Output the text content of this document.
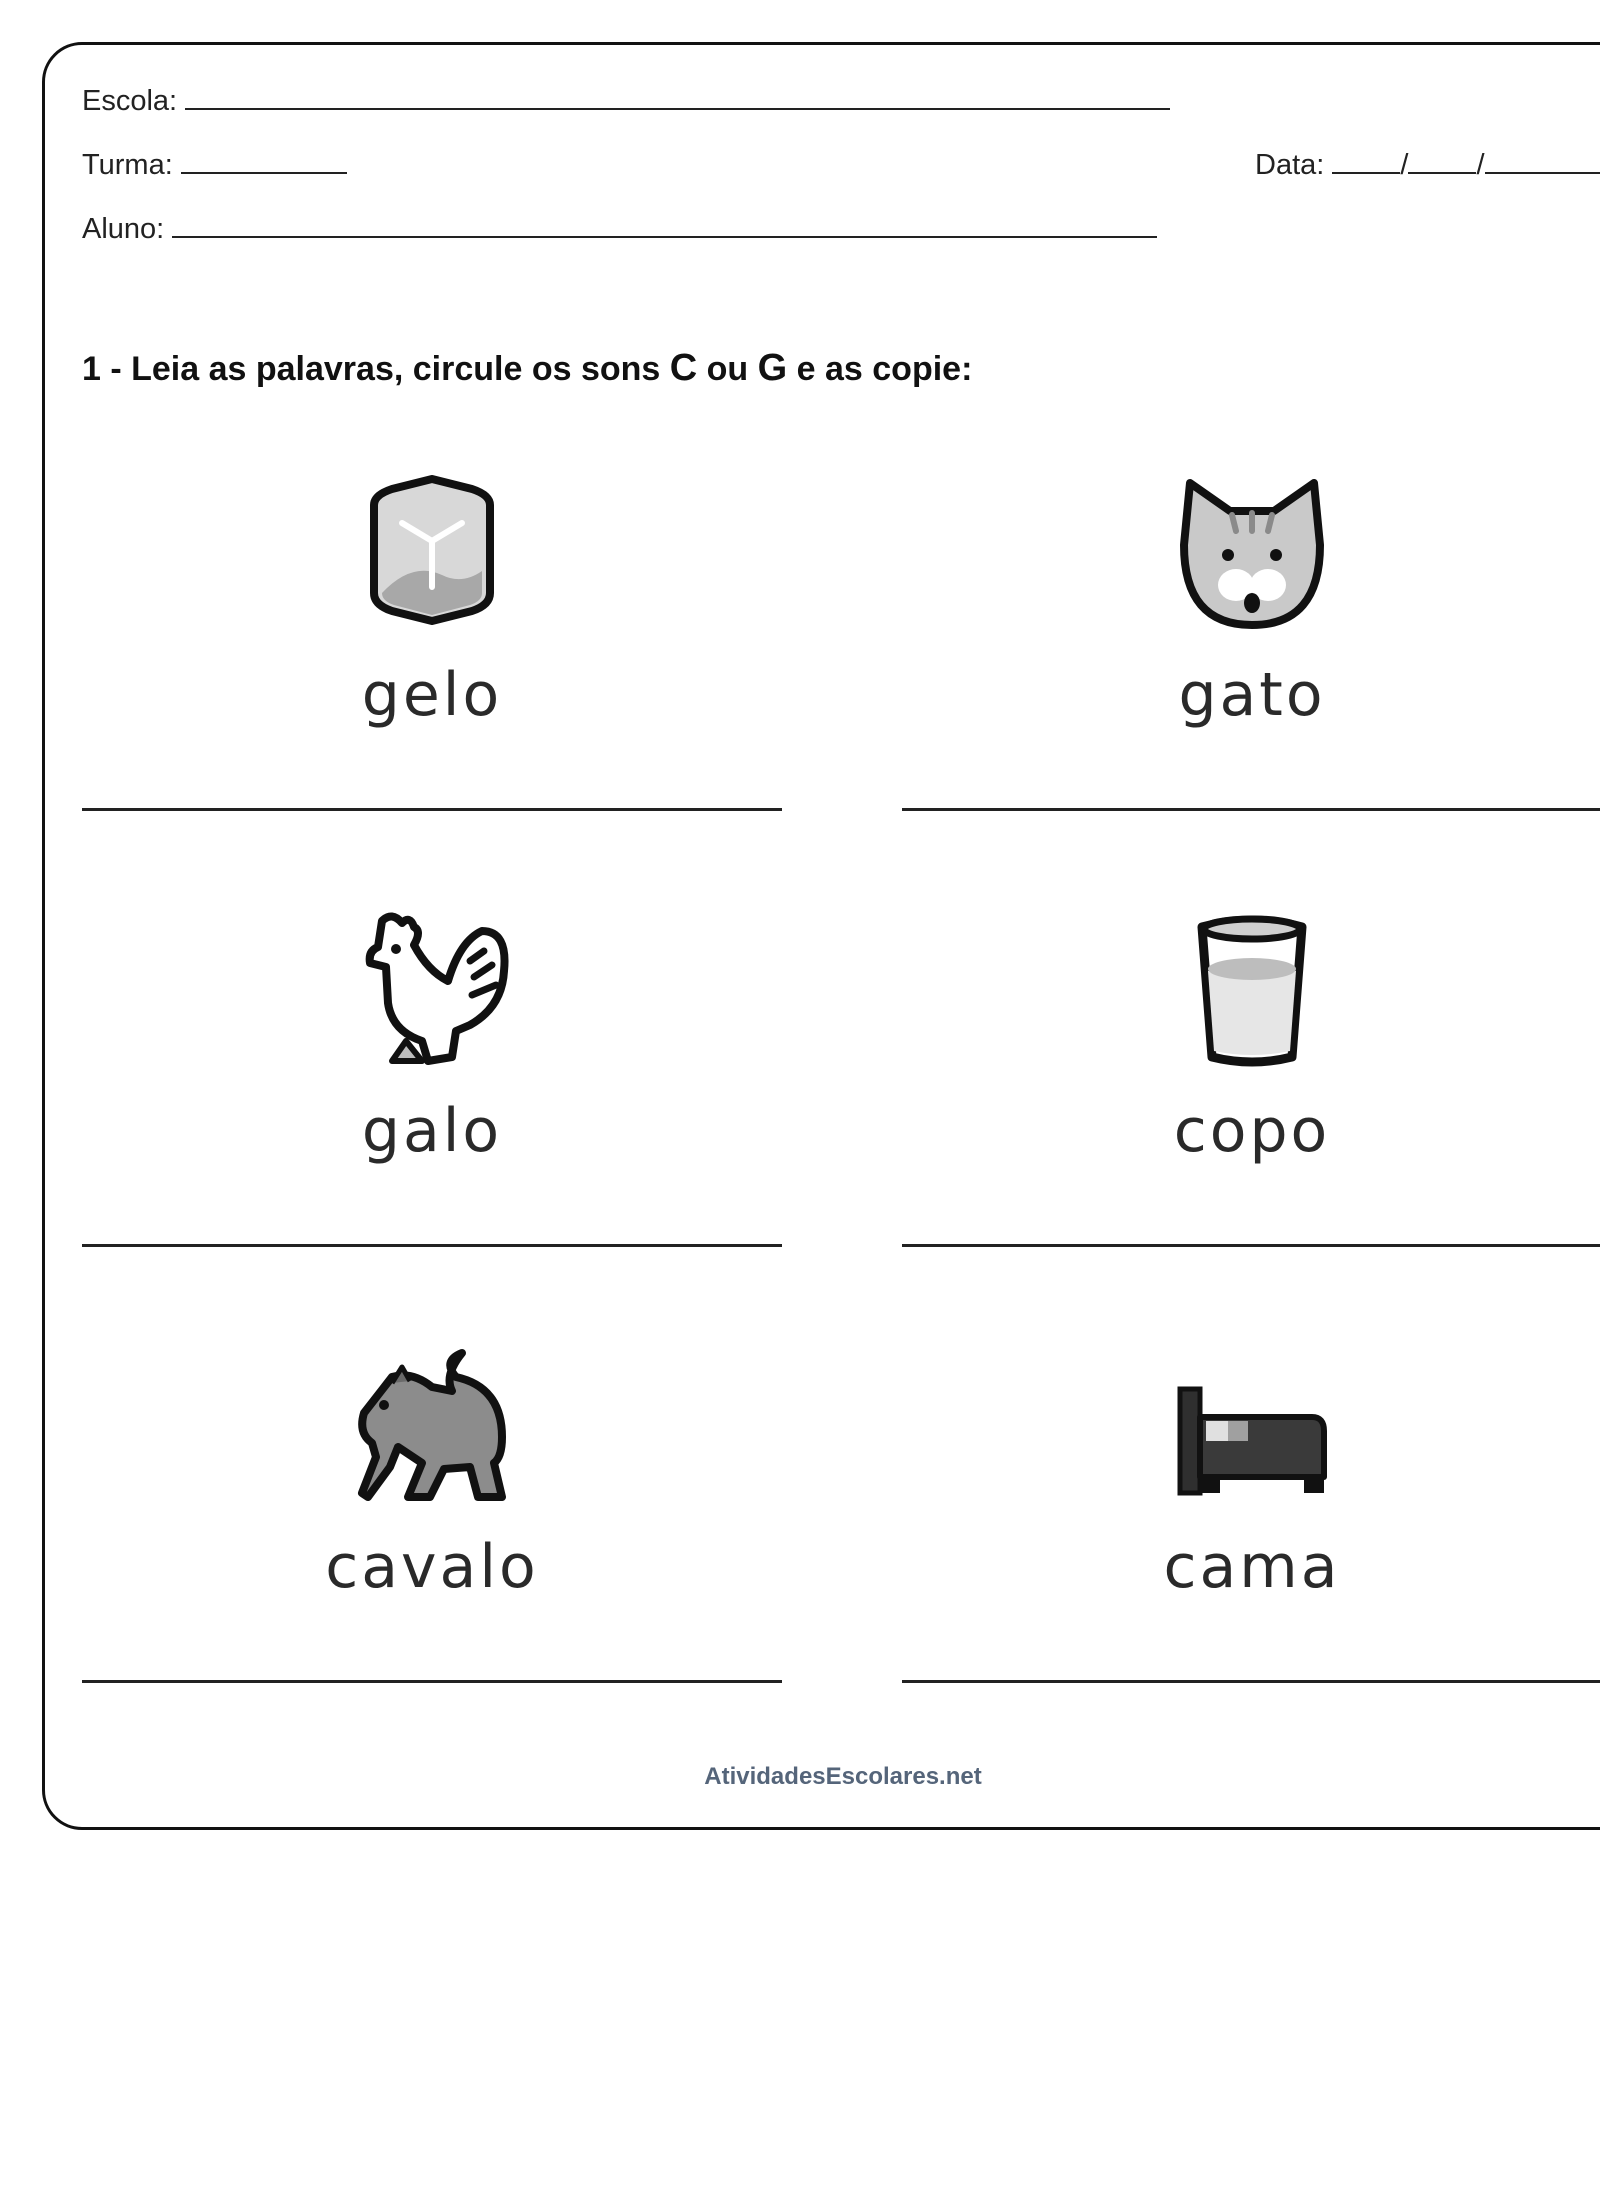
Escola:
Turma:	Data:	/ /
Aluno:
1 - Leia as palavras, circule os sons C ou G e as copie:
gelo	gato
galo	copo
cavalo	cama
AtividadesEscolares.net
